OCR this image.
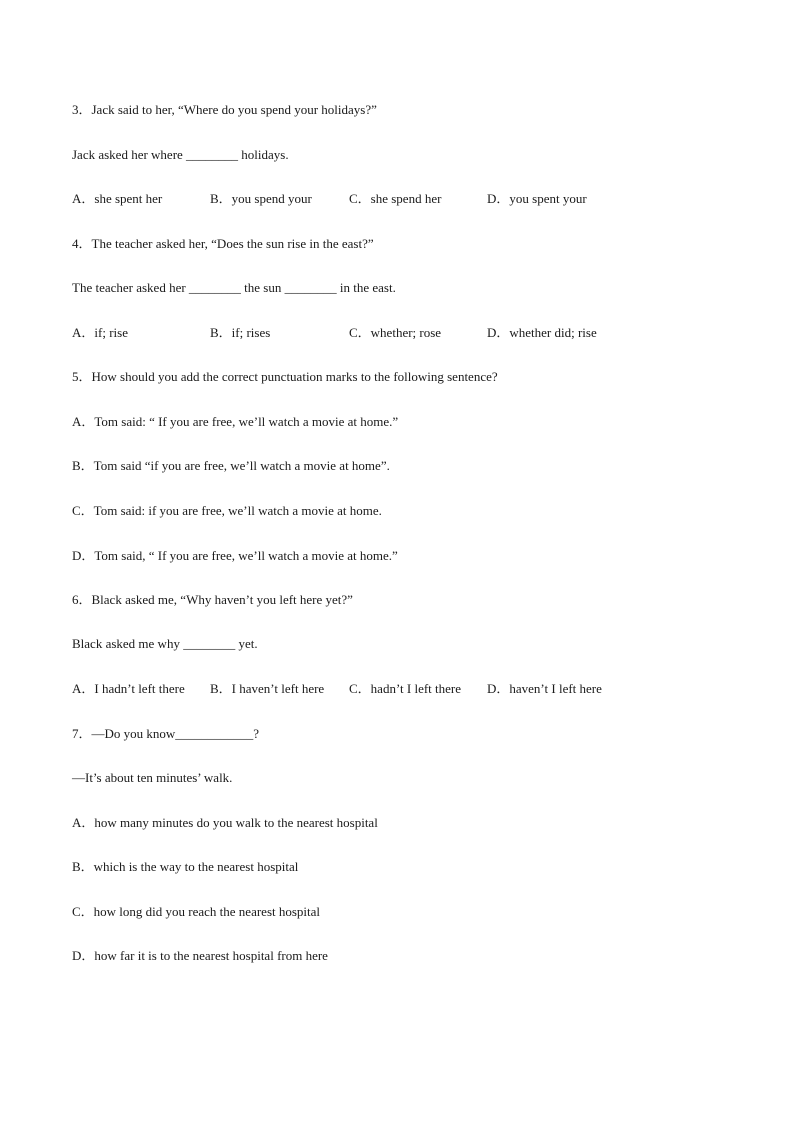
3．Jack said to her, “Where do you spend your holidays?”
Jack asked her where ________ holidays.
A．she spent her	B．you spend your	C．she spend her	D．you spent your
4．The teacher asked her, “Does the sun rise in the east?”
The teacher asked her ________ the sun ________ in the east.
A．if; rise	B．if; rises	C．whether; rose	D．whether did; rise
5．How should you add the correct punctuation marks to the following sentence?
A．Tom said: “ If you are free, we’ll watch a movie at home.”
B．Tom said “if you are free, we’ll watch a movie at home”.
C．Tom said: if you are free, we’ll watch a movie at home.
D．Tom said, “ If you are free, we’ll watch a movie at home.”
6．Black asked me, “Why haven’t you left here yet?”
Black asked me why ________ yet.
A．I hadn’t left there B．I haven’t left here C．hadn’t I left there D．haven’t I left here
7．—Do you know____________?
—It’s about ten minutes’ walk.
A．how many minutes do you walk to the nearest hospital
B．which is the way to the nearest hospital
C．how long did you reach the nearest hospital
D．how far it is to the nearest hospital from here
